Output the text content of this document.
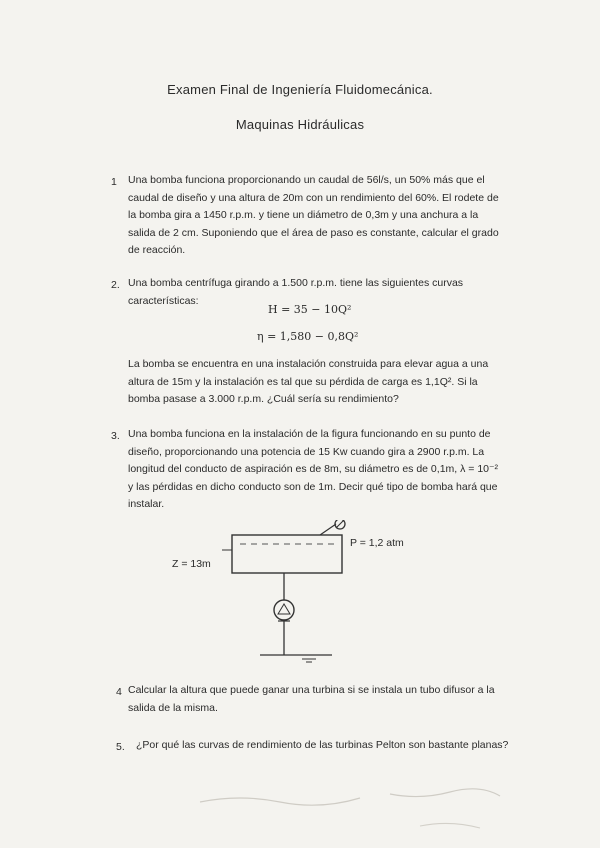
Examen Final de Ingeniería Fluidomecánica.
Maquinas Hidráulicas
1 Una bomba funciona proporcionando un caudal de 56l/s, un 50% más que el
caudal de diseño y una altura de 20m con un rendimiento del 60%. El rodete de
la bomba gira a 1450 r.p.m. y tiene un diámetro de 0,3m y una anchura a la
salida de 2 cm. Suponiendo que el área de paso es constante, calcular el grado
de reacción.
2. Una bomba centrífuga girando a 1.500 r.p.m. tiene las siguientes curvas
características:
H = 35 − 10Q²
η = 1,580 − 0,8Q²
La bomba se encuentra en una instalación construida para elevar agua a una
altura de 15m y la instalación es tal que su pérdida de carga es 1,1Q². Si la
bomba pasase a 3.000 r.p.m. ¿Cuál sería su rendimiento?
3. Una bomba funciona en la instalación de la figura funcionando en su punto de
diseño, proporcionando una potencia de 15 Kw cuando gira a 2900 r.p.m. La
longitud del conducto de aspiración es de 8m, su diámetro es de 0,1m, λ = 10⁻²
y las pérdidas en dicho conducto son de 1m. Decir qué tipo de bomba hará que
instalar.
P = 1,2 atm
Z = 13m
4 Calcular la altura que puede ganar una turbina si se instala un tubo difusor a la
salida de la misma.
5. ¿Por qué las curvas de rendimiento de las turbinas Pelton son bastante planas?
